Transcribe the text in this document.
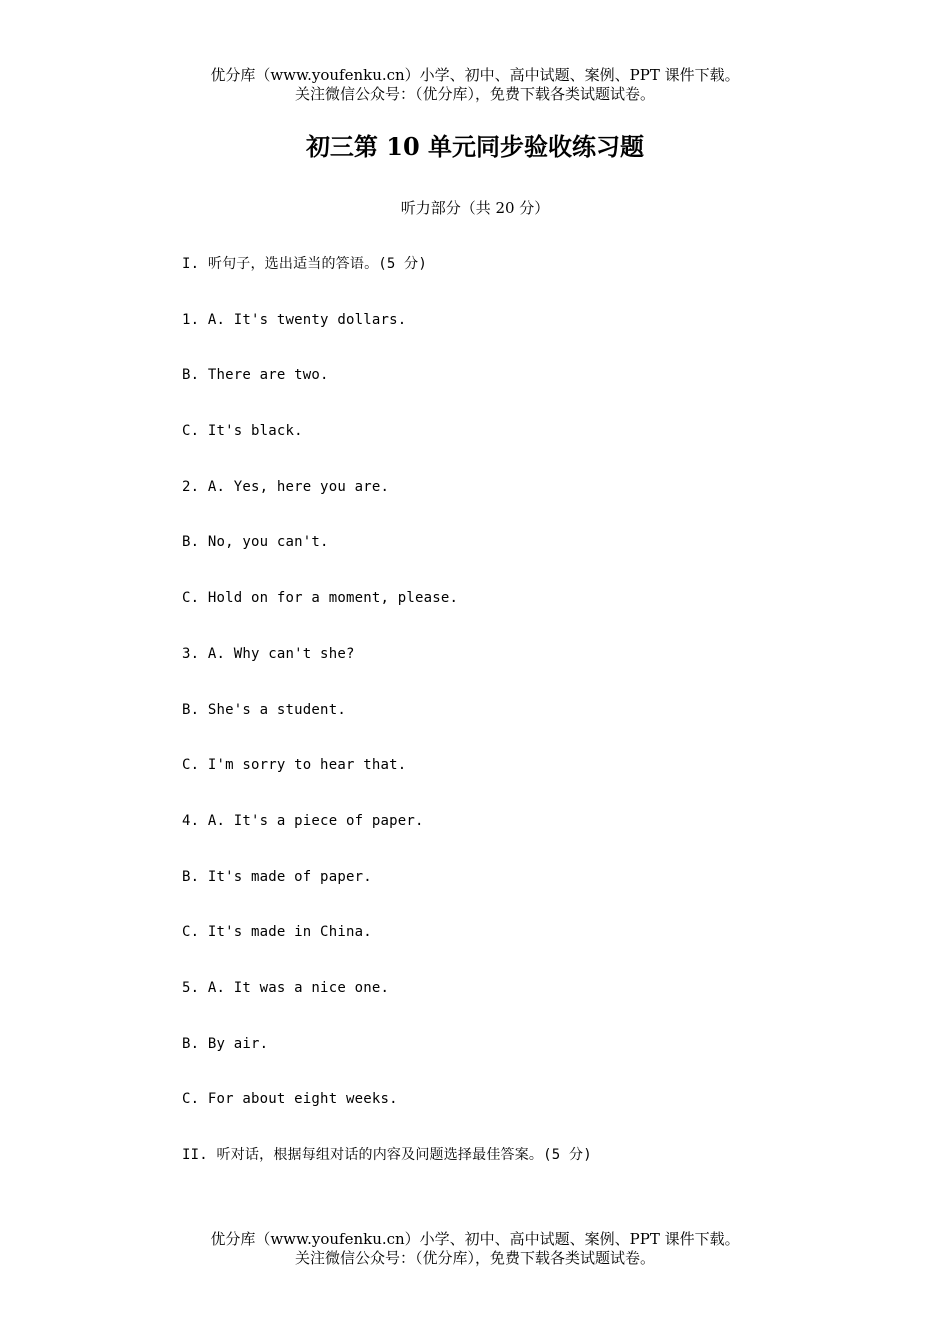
优分库（www.youfenku.cn）小学、初中、高中试题、案例、PPT 课件下载。
关注微信公众号：（优分库），免费下载各类试题试卷。
初三第 10 单元同步验收练习题
听力部分（共 20 分）
I. 听句子，选出适当的答语。(5 分)
1. A. It's twenty dollars.
B. There are two.
C. It's black.
2. A. Yes, here you are.
B. No, you can't.
C. Hold on for a moment, please.
3. A. Why can't she?
B. She's a student.
C. I'm sorry to hear that.
4. A. It's a piece of paper.
B. It's made of paper.
C. It's made in China.
5. A. It was a nice one.
B. By air.
C. For about eight weeks.
II. 听对话，根据每组对话的内容及问题选择最佳答案。(5 分)
优分库（www.youfenku.cn）小学、初中、高中试题、案例、PPT 课件下载。
关注微信公众号：（优分库），免费下载各类试题试卷。
